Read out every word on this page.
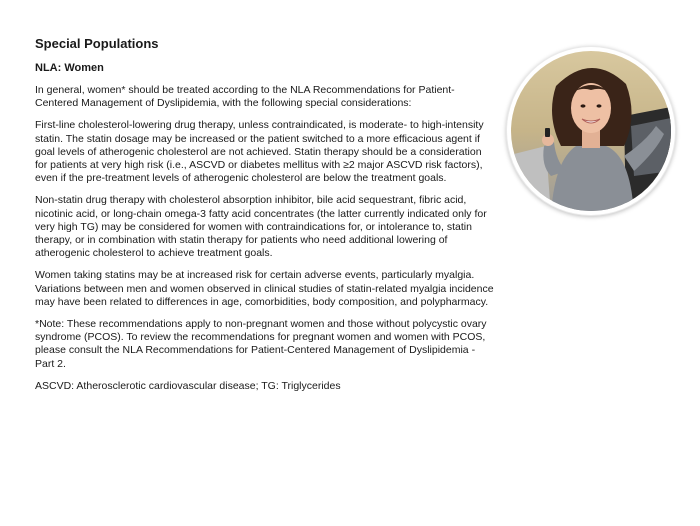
Special Populations
NLA: Women

In general, women* should be treated according to the NLA Recommendations for Patient-Centered Management of Dyslipidemia, with the following special considerations:

First-line cholesterol-lowering drug therapy, unless contraindicated, is moderate- to high-intensity statin. The statin dosage may be increased or the patient switched to a more efficacious agent if goal levels of atherogenic cholesterol are not achieved. Statin therapy should be a consideration for patients at very high risk (i.e., ASCVD or diabetes mellitus with ≥2 major ASCVD risk factors), even if the pre-treatment levels of atherogenic cholesterol are below the treatment goals.

Non-statin drug therapy with cholesterol absorption inhibitor, bile acid sequestrant, fibric acid, nicotinic acid, or long-chain omega-3 fatty acid concentrates (the latter currently indicated only for very high TG) may be considered for women with contraindications for, or intolerance to, statin therapy, or in combination with statin therapy for patients who need additional lowering of atherogenic cholesterol to achieve treatment goals.

Women taking statins may be at increased risk for certain adverse events, particularly myalgia. Variations between men and women observed in clinical studies of statin-related myalgia incidence may have been related to differences in age, comorbidities, body composition, and polypharmacy.

*Note: These recommendations apply to non-pregnant women and those without polycystic ovary syndrome (PCOS). To review the recommendations for pregnant women and women with PCOS, please consult the NLA Recommendations for Patient-Centered Management of Dyslipidemia - Part 2.

ASCVD: Atherosclerotic cardiovascular disease; TG: Triglycerides
